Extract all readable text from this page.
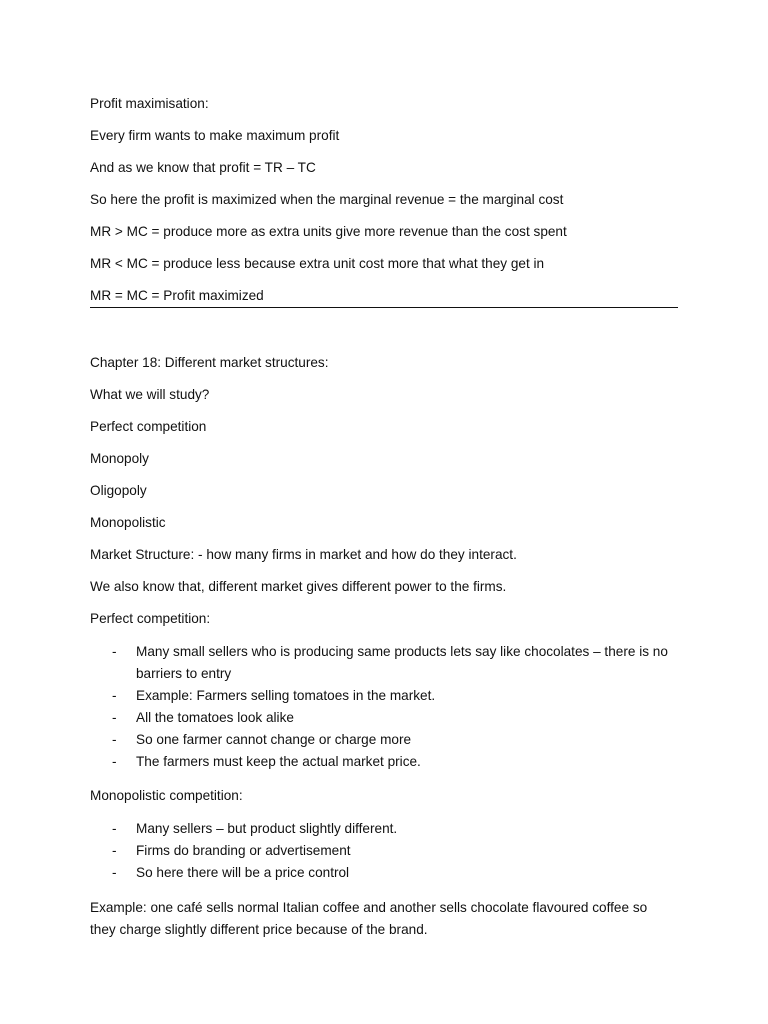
Profit maximisation:

Every firm wants to make maximum profit

And as we know that profit = TR – TC

So here the profit is maximized when the marginal revenue = the marginal cost

MR > MC = produce more as extra units give more revenue than the cost spent

MR < MC = produce less because extra unit cost more that what they get in

MR = MC = Profit maximized

Chapter 18: Different market structures:

What we will study?

Perfect competition

Monopoly

Oligopoly

Monopolistic

Market Structure: - how many firms in market and how do they interact.

We also know that, different market gives different power to the firms.

Perfect competition:

- Many small sellers who is producing same products lets say like chocolates – there is no barriers to entry
- Example: Farmers selling tomatoes in the market.
- All the tomatoes look alike
- So one farmer cannot change or charge more
- The farmers must keep the actual market price.

Monopolistic competition:

- Many sellers – but product slightly different.
- Firms do branding or advertisement
- So here there will be a price control

Example: one café sells normal Italian coffee and another sells chocolate flavoured coffee so they charge slightly different price because of the brand.
